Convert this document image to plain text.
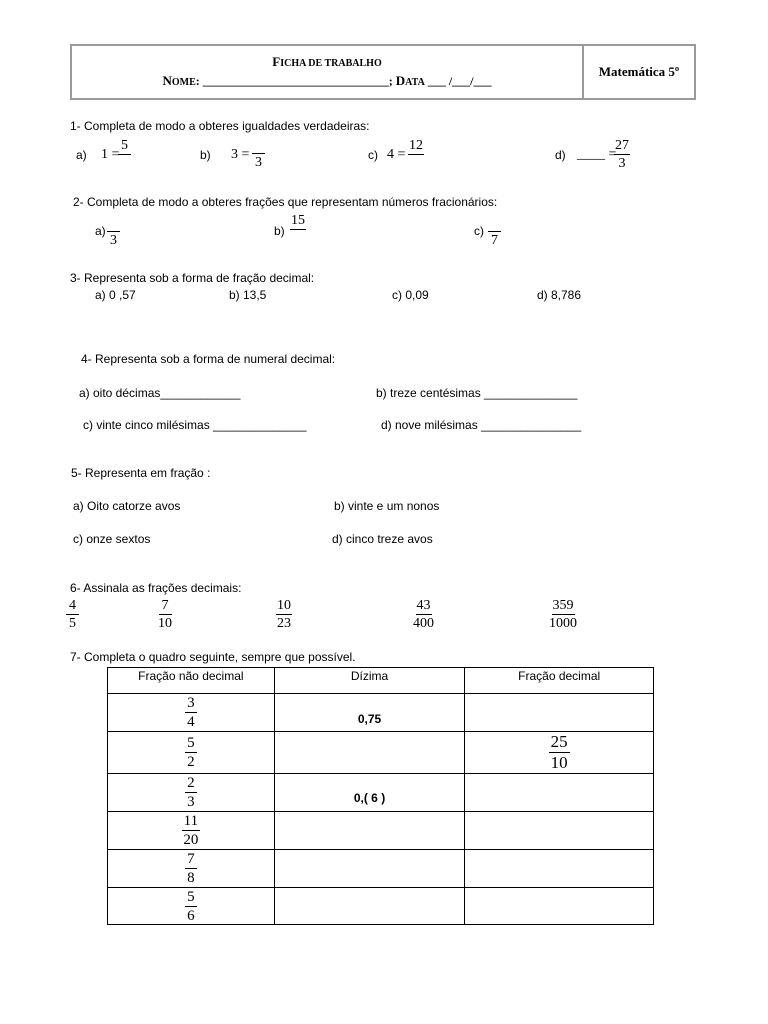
FICHA DE TRABALHO
NOME: _______________________________; DATA ___ /___/___
Matemática 5º
1- Completa de modo a obteres igualdades verdadeiras:
a) 1 =
5
b) 3 =
3	c) 4 =
12
d) ____ =
$\frac{27}{3}$
2- Completa de modo a obteres frações que representam números fracionários:
a)
3
b)
15
c)
7
3- Representa sob a forma de fração decimal:
a) 0 ,57	b) 13,5	c) 0,09	d) 8,786
4- Representa sob a forma de numeral decimal:
a) oito décimas____________	b) treze centésimas ______________
c) vinte cinco milésimas ______________	d) nove milésimas _______________
5- Representa em fração :
a) Oito catorze avos	b) vinte e um nonos
c) onze sextos	d) cinco treze avos
6- Assinala as frações decimais:
$\frac{4}{5}$	$\frac{7}{10}$	$\frac{10}{23}$	$\frac{43}{400}$	$\frac{359}{1000}$
7- Completa o quadro seguinte, sempre que possível.
Fração não decimal	Dízima	Fração decimal

$\frac{3}{4}$	0,75	

$\frac{5}{2}$		$\frac{25}{10}$

$\frac{2}{3}$	0,( 6 )	

$\frac{11}{20}$

$\frac{7}{8}$

$\frac{5}{6}$
